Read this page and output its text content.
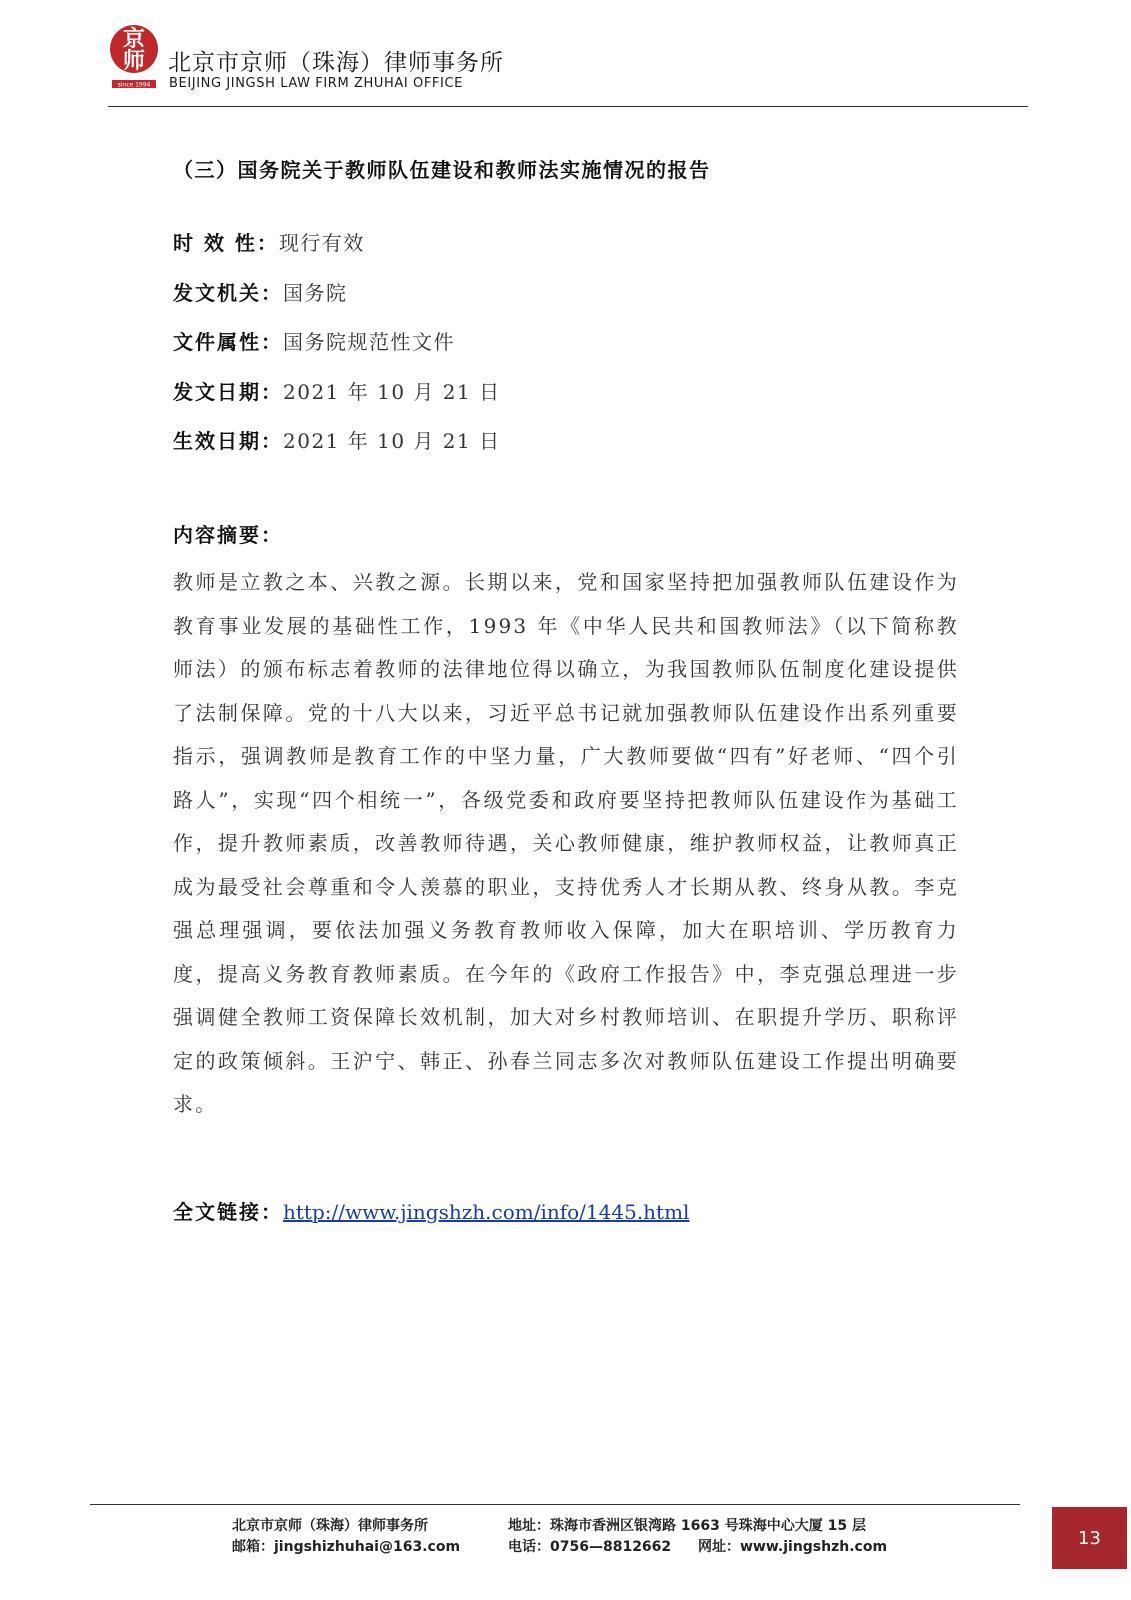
京
师
since 1994
北京市京师（珠海）律师事务所
BEIJING JINGSH LAW FIRM ZHUHAI OFFICE
（三）国务院关于教师队伍建设和教师法实施情况的报告
时 效 性：现行有效
发文机关：国务院
文件属性：国务院规范性文件
发文日期：2021 年 10 月 21 日
生效日期：2021 年 10 月 21 日
内容摘要：
教师是立教之本、兴教之源。长期以来，党和国家坚持把加强教师队伍建设作为教育事业发展的基础性工作，1993 年《中华人民共和国教师法》（以下简称教师法）的颁布标志着教师的法律地位得以确立，为我国教师队伍制度化建设提供了法制保障。党的十八大以来，习近平总书记就加强教师队伍建设作出系列重要指示，强调教师是教育工作的中坚力量，广大教师要做“四有”好老师、“四个引路人”，实现“四个相统一”，各级党委和政府要坚持把教师队伍建设作为基础工作，提升教师素质，改善教师待遇，关心教师健康，维护教师权益，让教师真正成为最受社会尊重和令人羡慕的职业，支持优秀人才长期从教、终身从教。李克强总理强调，要依法加强义务教育教师收入保障，加大在职培训、学历教育力度，提高义务教育教师素质。在今年的《政府工作报告》中，李克强总理进一步强调健全教师工资保障长效机制，加大对乡村教师培训、在职提升学历、职称评定的政策倾斜。王沪宁、韩正、孙春兰同志多次对教师队伍建设工作提出明确要求。
全文链接：http://www.jingshzh.com/info/1445.html
北京市京师（珠海）律师事务所	地址：珠海市香洲区银湾路 1663 号珠海中心大厦 15 层
邮箱：jingshizhuhai@163.com	电话：0756—8812662 网址：www.jingshzh.com	13
